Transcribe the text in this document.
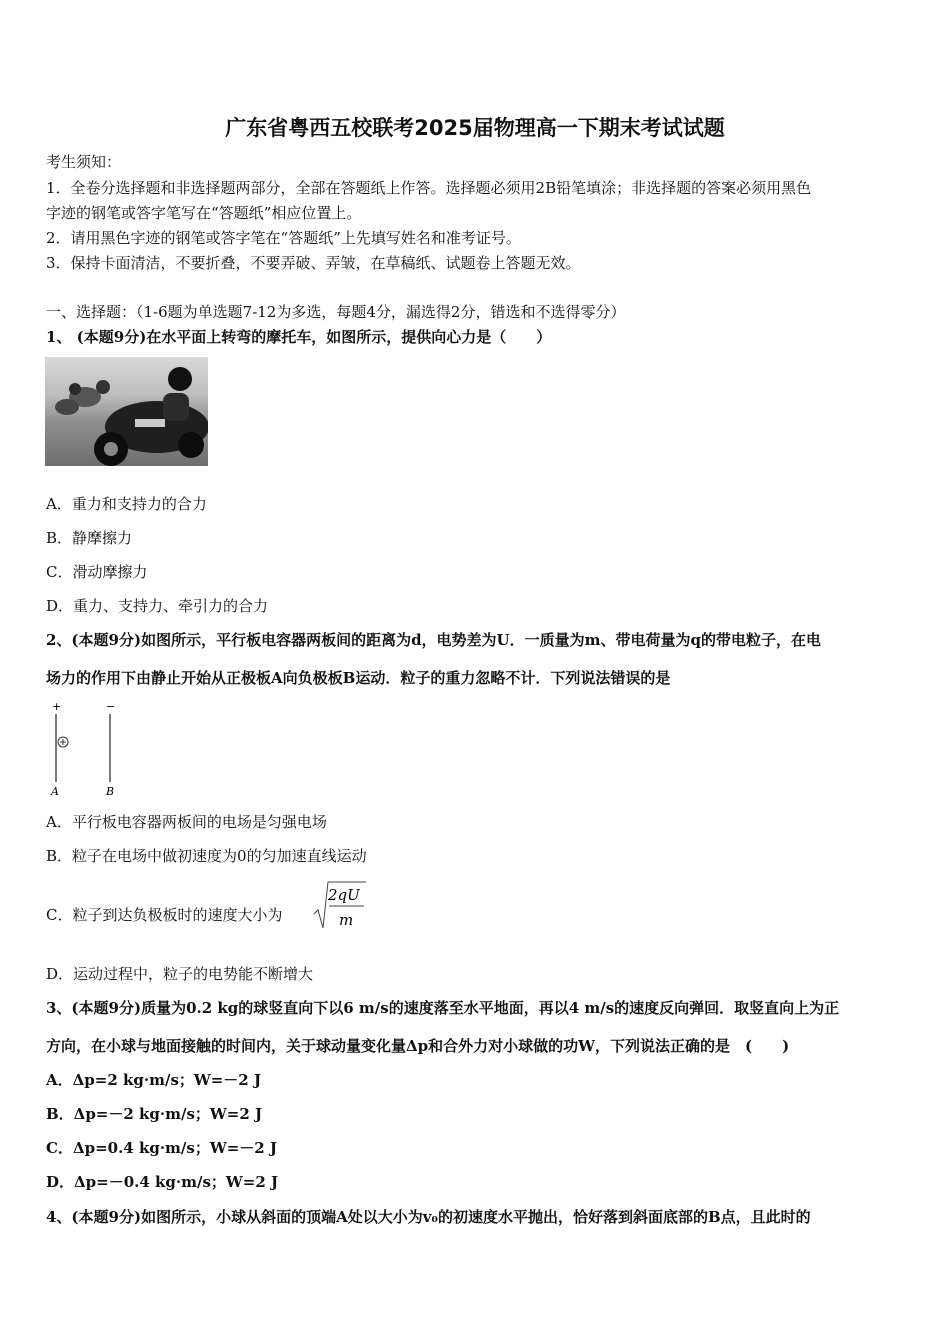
广东省粤西五校联考2025届物理高一下期末考试试题
考生须知：
1．全卷分选择题和非选择题两部分，全部在答题纸上作答。选择题必须用2B铅笔填涂；非选择题的答案必须用黑色
字迹的钢笔或答字笔写在“答题纸”相应位置上。
2．请用黑色字迹的钢笔或答字笔在“答题纸”上先填写姓名和准考证号。
3．保持卡面清洁，不要折叠，不要弄破、弄皱，在草稿纸、试题卷上答题无效。
一、选择题：（1-6题为单选题7-12为多选，每题4分，漏选得2分，错选和不选得零分）
1、 (本题9分)在水平面上转弯的摩托车，如图所示，提供向心力是（　　）
A．重力和支持力的合力
B．静摩擦力
C．滑动摩擦力
D．重力、支持力、牵引力的合力
2、(本题9分)如图所示，平行板电容器两板间的距离为d，电势差为U．一质量为m、带电荷量为q的带电粒子，在电
场力的作用下由静止开始从正极板A向负极板B运动．粒子的重力忽略不计．下列说法错误的是
+	−
A	B
A．平行板电容器两板间的电场是匀强电场
B．粒子在电场中做初速度为0的匀加速直线运动
C．粒子到达负极板时的速度大小为
2qU
m
D．运动过程中，粒子的电势能不断增大
3、(本题9分)质量为0.2 kg的球竖直向下以6 m/s的速度落至水平地面，再以4 m/s的速度反向弹回．取竖直向上为正
方向，在小球与地面接触的时间内，关于球动量变化量Δp和合外力对小球做的功W，下列说法正确的是　(　　)
A．Δp=2 kg·m/s；W=－2 J
B．Δp=－2 kg·m/s；W=2 J
C．Δp=0.4 kg·m/s；W=－2 J
D．Δp=－0.4 kg·m/s；W=2 J
4、(本题9分)如图所示，小球从斜面的顶端A处以大小为v₀的初速度水平抛出，恰好落到斜面底部的B点，且此时的
